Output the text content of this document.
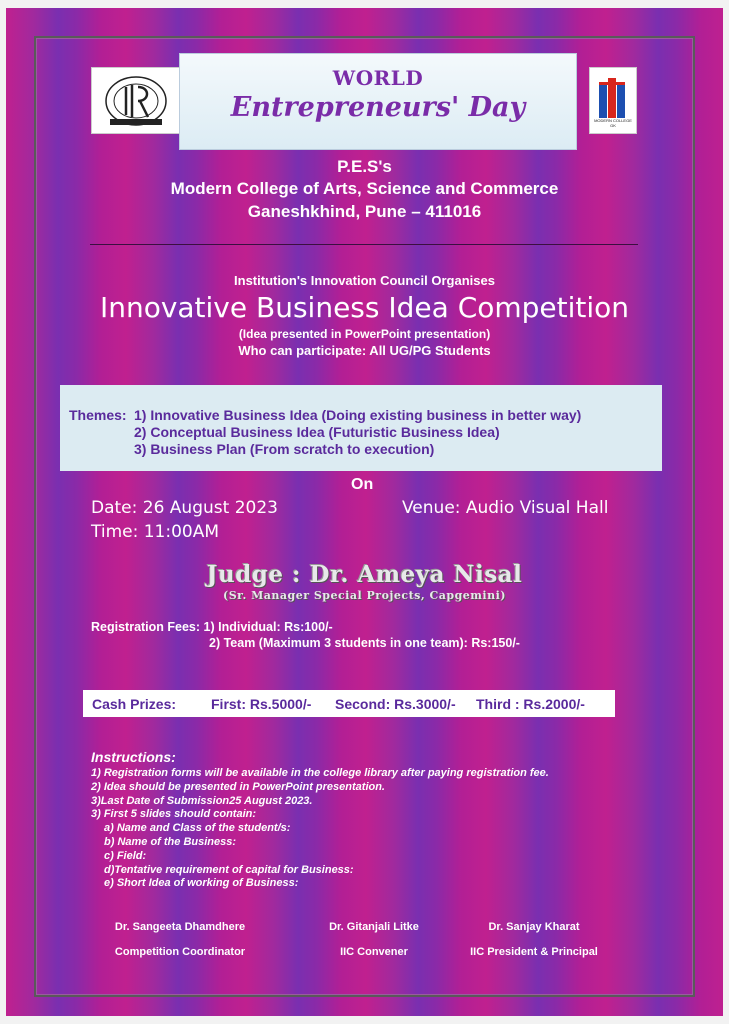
WORLD
Entrepreneurs' Day	MODERN COLLEGE GK
P.E.S's
Modern College of Arts, Science and Commerce
Ganeshkhind, Pune – 411016
Institution's Innovation Council Organises
Innovative Business Idea Competition
(Idea presented in PowerPoint presentation)
Who can participate: All UG/PG Students
Themes: 1) Innovative Business Idea (Doing existing business in better way)
2) Conceptual Business Idea (Futuristic Business Idea)
3) Business Plan (From scratch to execution)
On
Date: 26 August 2023	Venue: Audio Visual Hall
Time: 11:00AM
Judge : Dr. Ameya Nisal
(Sr. Manager Special Projects, Capgemini)
Registration Fees: 1) Individual: Rs:100/-
2) Team (Maximum 3 students in one team): Rs:150/-
Cash Prizes: First: Rs.5000/- Second: Rs.3000/- Third : Rs.2000/-
Instructions:
1) Registration forms will be available in the college library after paying registration fee.
2) Idea should be presented in PowerPoint presentation.
3)Last Date of Submission25 August 2023.
3) First 5 slides should contain:
a) Name and Class of the student/s:
b) Name of the Business:
c) Field:
d)Tentative requirement of capital for Business:
e) Short Idea of working of Business:
Dr. Sangeeta Dhamdhere
Competition Coordinator
Dr. Gitanjali Litke
IIC Convener
Dr. Sanjay Kharat
IIC President & Principal
